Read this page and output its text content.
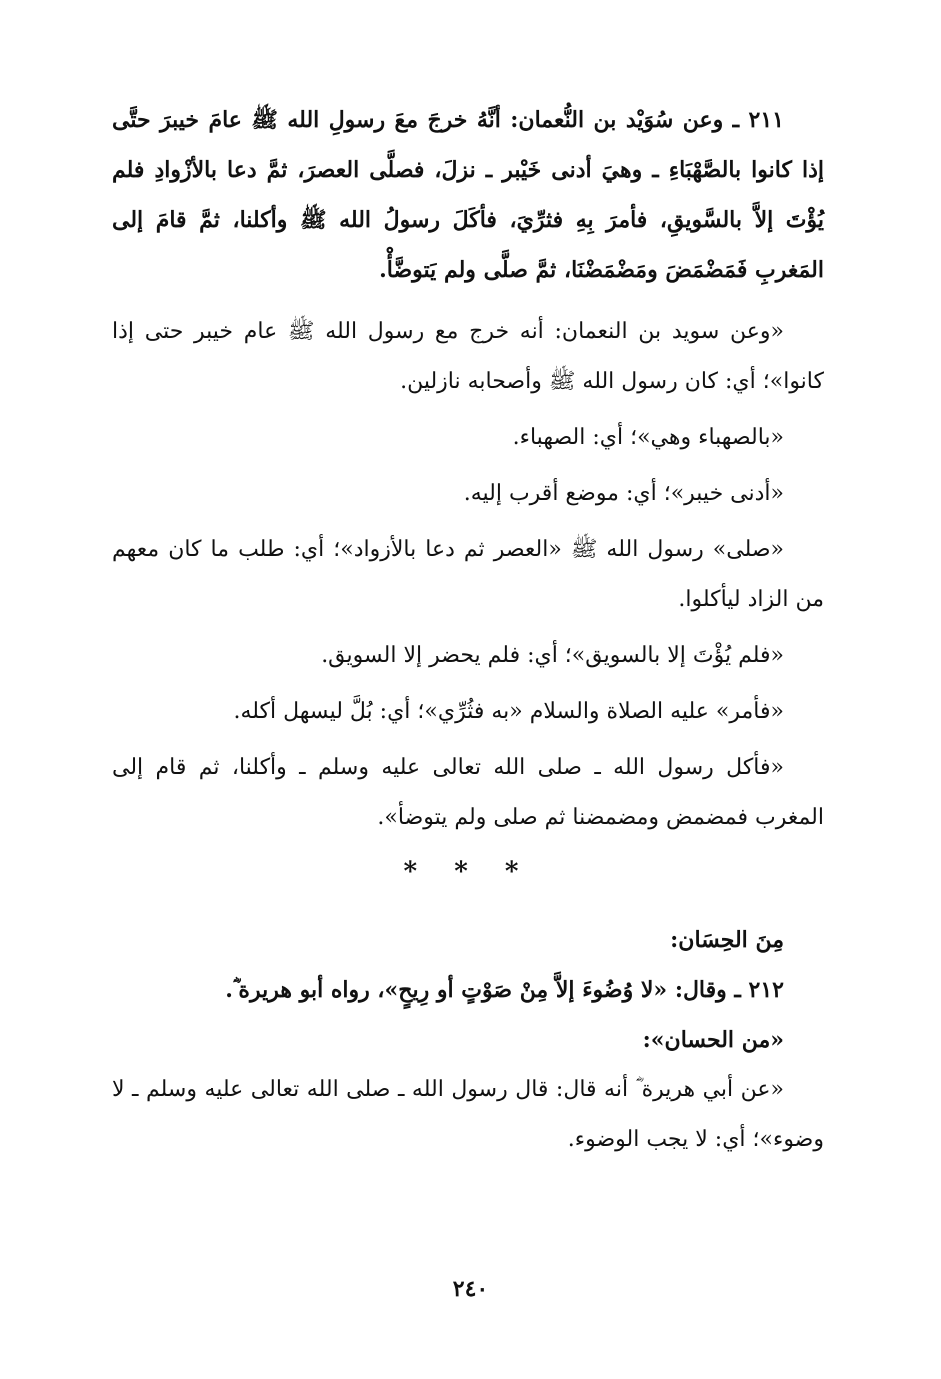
٢١١ ـ وعن سُوَيْد بن النُّعمان: أنَّهُ خرجَ معَ رسولِ الله ﷺ عامَ خيبرَ حتَّى إذا كانوا بالصَّهْبَاءِ ـ وهيَ أدنى خَيْبر ـ نزلَ، فصلَّى العصرَ، ثمَّ دعا بالأزْوادِ فلم يُؤْتَ إلاَّ بالسَّويقِ، فأمرَ بِهِ فثرِّيَ، فأكَلَ رسولُ الله ﷺ وأكلنا، ثمَّ قامَ إلى المَغربِ فَمَضْمَضَ ومَضْمَضْنَا، ثمَّ صلَّى ولم يَتوضَّأْ.

«وعن سويد بن النعمان: أنه خرج مع رسول الله ﷺ عام خيبر حتى إذا كانوا»؛ أي: كان رسول الله ﷺ وأصحابه نازلين.

«بالصهباء وهي»؛ أي: الصهباء.

«أدنى خيبر»؛ أي: موضع أقرب إليه.

«صلى» رسول الله ﷺ «العصر ثم دعا بالأزواد»؛ أي: طلب ما كان معهم من الزاد ليأكلوا.

«فلم يُؤْتَ إلا بالسويق»؛ أي: فلم يحضر إلا السويق.

«فأمر» عليه الصلاة والسلام «به فثُرِّي»؛ أي: بُلَّ ليسهل أكله.

«فأكل رسول الله ـ صلى الله تعالى عليه وسلم ـ وأكلنا، ثم قام إلى المغرب فمضمض ومضمضنا ثم صلى ولم يتوضأ».

* * *

مِنَ الحِسَان:

٢١٢ ـ وقال: «لا وُضُوءَ إلاَّ مِنْ صَوْتٍ أو رِيحٍ»، رواه أبو هريرة ؓ.

«من الحسان»:

«عن أبي هريرة ؓ أنه قال: قال رسول الله ـ صلى الله تعالى عليه وسلم ـ لا وضوء»؛ أي: لا يجب الوضوء.

٢٤٠
